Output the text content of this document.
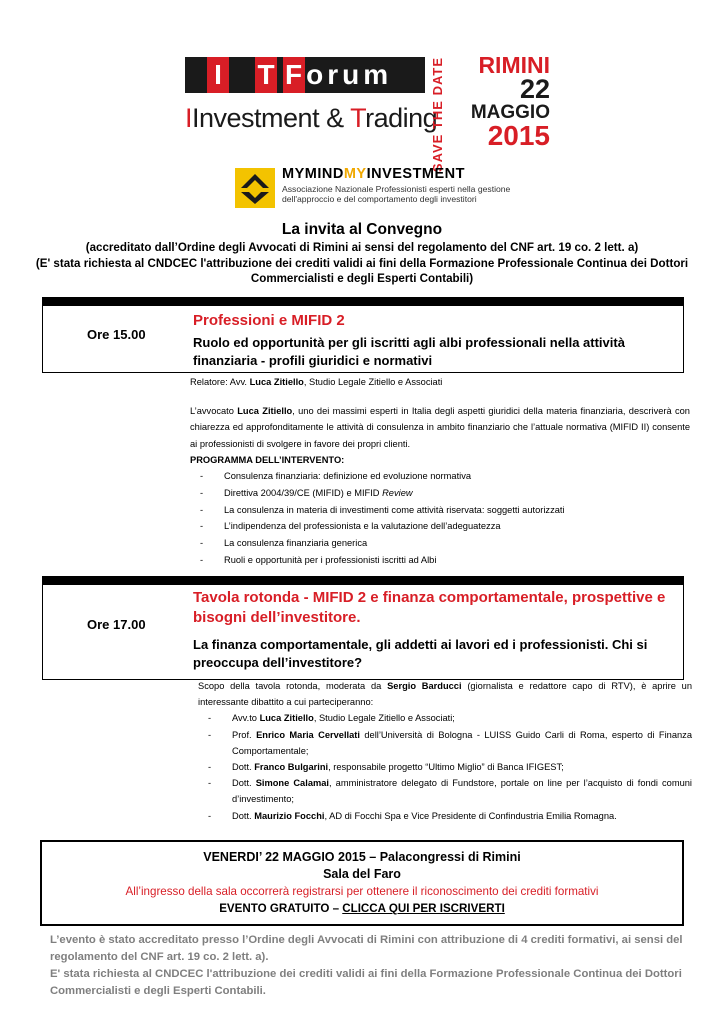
I T Forum
IInvestment & Trading
SAVE THE DATE	RIMINI
22
MAGGIO
2015
MYMINDMYINVESTMENT
Associazione Nazionale Professionisti esperti nella gestione
dell'approccio e del comportamento degli investitori
La invita al Convegno
(accreditato dall’Ordine degli Avvocati di Rimini ai sensi del regolamento del CNF art. 19 co. 2 lett. a)
(E' stata richiesta al CNDCEC l'attribuzione dei crediti validi ai fini della Formazione Professionale Continua dei Dottori
Commercialisti e degli Esperti Contabili)
Ore 15.00
Professioni e MIFID 2
Ruolo ed opportunità per gli iscritti agli albi professionali nella attività finanziaria - profili giuridici e normativi
Relatore: Avv. Luca Zitiello, Studio Legale Zitiello e Associati
L’avvocato Luca Zitiello, uno dei massimi esperti in Italia degli aspetti giuridici della materia finanziaria, descriverà con chiarezza ed approfonditamente le attività di consulenza in ambito finanziario che l’attuale normativa (MIFID II) consente ai professionisti di svolgere in favore dei propri clienti.
PROGRAMMA DELL’INTERVENTO:
- Consulenza finanziaria: definizione ed evoluzione normativa
- Direttiva 2004/39/CE (MIFID) e MIFID Review
- La consulenza in materia di investimenti come attività riservata: soggetti autorizzati
- L’indipendenza del professionista e la valutazione dell’adeguatezza
- La consulenza finanziaria generica
- Ruoli e opportunità per i professionisti iscritti ad Albi
Ore 17.00
Tavola rotonda - MIFID 2 e finanza comportamentale, prospettive e bisogni dell’investitore.
La finanza comportamentale, gli addetti ai lavori ed i professionisti. Chi si preoccupa dell’investitore?
Scopo della tavola rotonda, moderata da Sergio Barducci (giornalista e redattore capo di RTV), è aprire un interessante dibattito a cui parteciperanno:
- Avv.to Luca Zitiello, Studio Legale Zitiello e Associati;
- Prof. Enrico Maria Cervellati dell’Università di Bologna - LUISS Guido Carli di Roma, esperto di Finanza Comportamentale;
- Dott. Franco Bulgarini, responsabile progetto “Ultimo Miglio” di Banca IFIGEST;
- Dott. Simone Calamai, amministratore delegato di Fundstore, portale on line per l’acquisto di fondi comuni d’investimento;
- Dott. Maurizio Focchi, AD di Focchi Spa e Vice Presidente di Confindustria Emilia Romagna.
VENERDI’ 22 MAGGIO 2015 – Palacongressi di Rimini
Sala del Faro
All’ingresso della sala occorrerà registrarsi per ottenere il riconoscimento dei crediti formativi
EVENTO GRATUITO – CLICCA QUI PER ISCRIVERTI
L’evento è stato accreditato presso l’Ordine degli Avvocati di Rimini con attribuzione di 4 crediti formativi, ai sensi del regolamento del CNF art. 19 co. 2 lett. a).
E' stata richiesta al CNDCEC l'attribuzione dei crediti validi ai fini della Formazione Professionale Continua dei Dottori Commercialisti e degli Esperti Contabili.
